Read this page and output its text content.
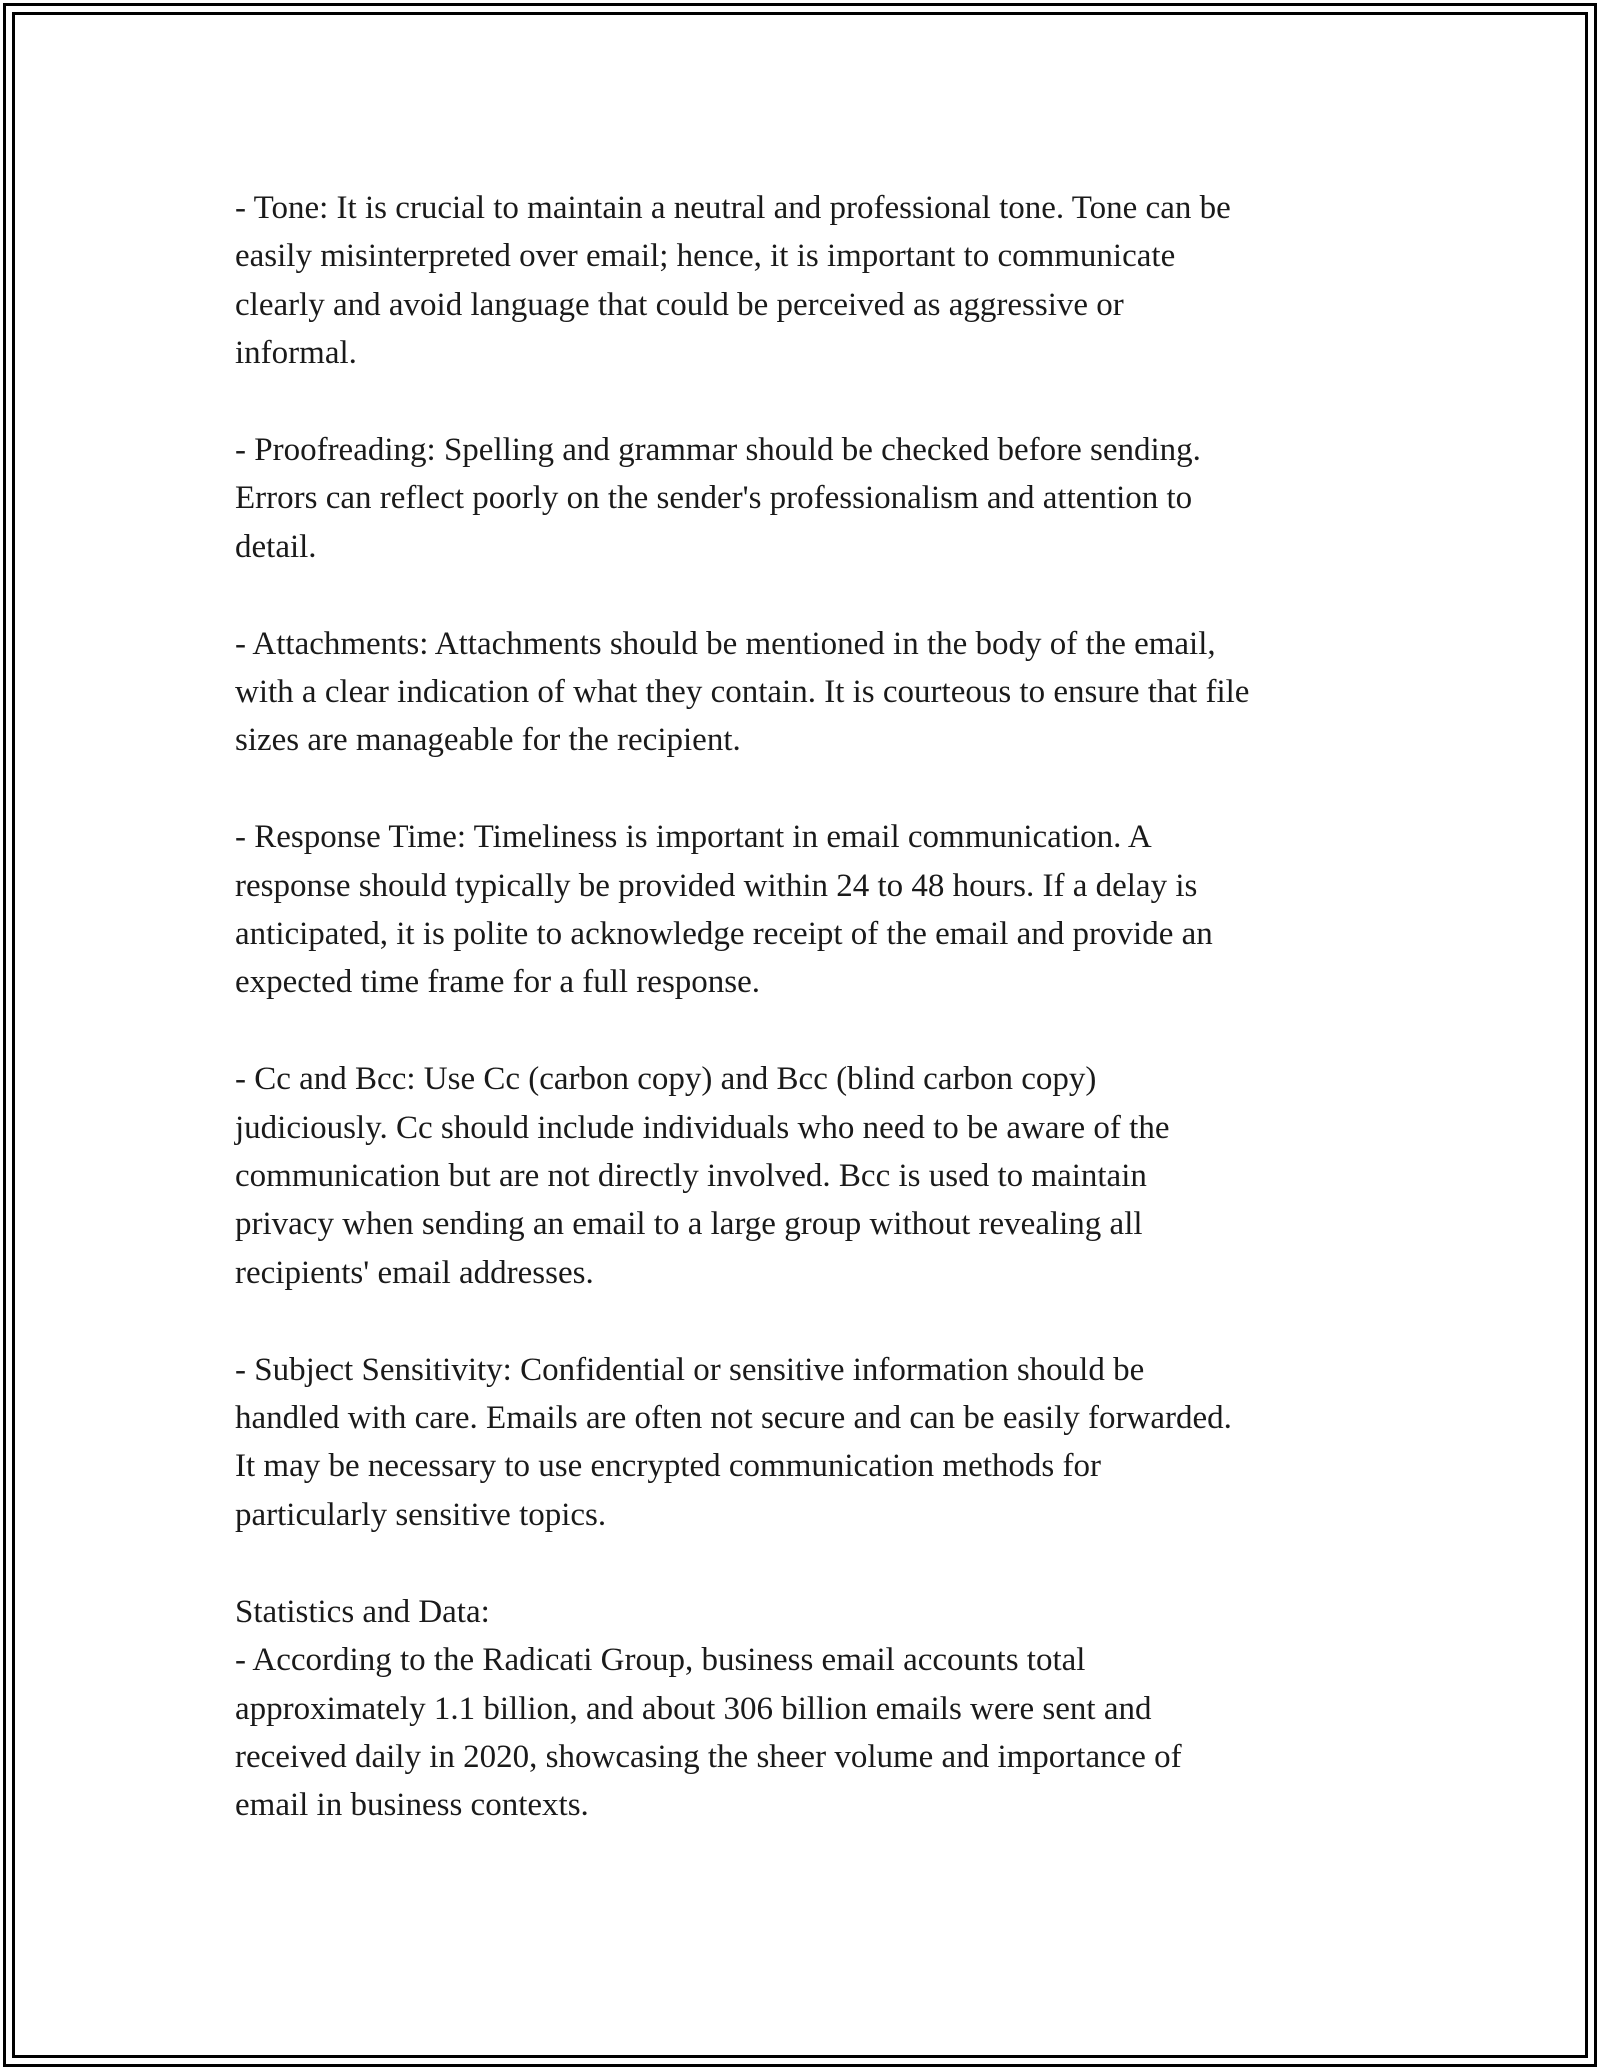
- Tone: It is crucial to maintain a neutral and professional tone. Tone can be
easily misinterpreted over email; hence, it is important to communicate
clearly and avoid language that could be perceived as aggressive or
informal.
- Proofreading: Spelling and grammar should be checked before sending.
Errors can reflect poorly on the sender's professionalism and attention to
detail.
- Attachments: Attachments should be mentioned in the body of the email,
with a clear indication of what they contain. It is courteous to ensure that file
sizes are manageable for the recipient.
- Response Time: Timeliness is important in email communication. A
response should typically be provided within 24 to 48 hours. If a delay is
anticipated, it is polite to acknowledge receipt of the email and provide an
expected time frame for a full response.
- Cc and Bcc: Use Cc (carbon copy) and Bcc (blind carbon copy)
judiciously. Cc should include individuals who need to be aware of the
communication but are not directly involved. Bcc is used to maintain
privacy when sending an email to a large group without revealing all
recipients' email addresses.
- Subject Sensitivity: Confidential or sensitive information should be
handled with care. Emails are often not secure and can be easily forwarded.
It may be necessary to use encrypted communication methods for
particularly sensitive topics.
Statistics and Data:
- According to the Radicati Group, business email accounts total
approximately 1.1 billion, and about 306 billion emails were sent and
received daily in 2020, showcasing the sheer volume and importance of
email in business contexts.
